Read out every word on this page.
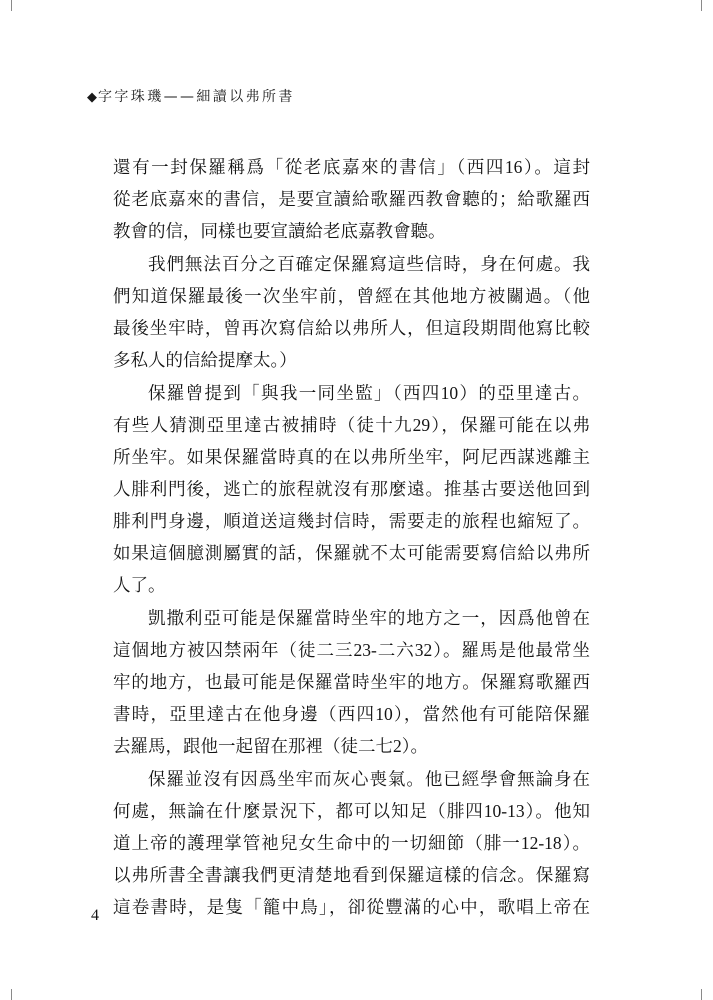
◆字字珠璣——細讀以弗所書
還有一封保羅稱爲「從老底嘉來的書信」（西四16）。這封
從老底嘉來的書信，是要宣讀給歌羅西教會聽的；給歌羅西
教會的信，同樣也要宣讀給老底嘉教會聽。
我們無法百分之百確定保羅寫這些信時，身在何處。我
們知道保羅最後一次坐牢前，曾經在其他地方被關過。（他
最後坐牢時，曾再次寫信給以弗所人，但這段期間他寫比較
多私人的信給提摩太。）
保羅曾提到「與我一同坐監」（西四10）的亞里達古。
有些人猜測亞里達古被捕時（徒十九29），保羅可能在以弗
所坐牢。如果保羅當時真的在以弗所坐牢，阿尼西謀逃離主
人腓利門後，逃亡的旅程就沒有那麼遠。推基古要送他回到
腓利門身邊，順道送這幾封信時，需要走的旅程也縮短了。
如果這個臆測屬實的話，保羅就不太可能需要寫信給以弗所
人了。
凱撒利亞可能是保羅當時坐牢的地方之一，因爲他曾在
這個地方被囚禁兩年（徒二三23-二六32）。羅馬是他最常坐
牢的地方，也最可能是保羅當時坐牢的地方。保羅寫歌羅西
書時，亞里達古在他身邊（西四10），當然他有可能陪保羅
去羅馬，跟他一起留在那裡（徒二七2）。
保羅並沒有因爲坐牢而灰心喪氣。他已經學會無論身在
何處，無論在什麼景況下，都可以知足（腓四10-13）。他知
道上帝的護理掌管祂兒女生命中的一切細節（腓一12-18）。
以弗所書全書讓我們更清楚地看到保羅這樣的信念。保羅寫
這卷書時，是隻「籠中鳥」，卻從豐滿的心中，歌唱上帝在
4
